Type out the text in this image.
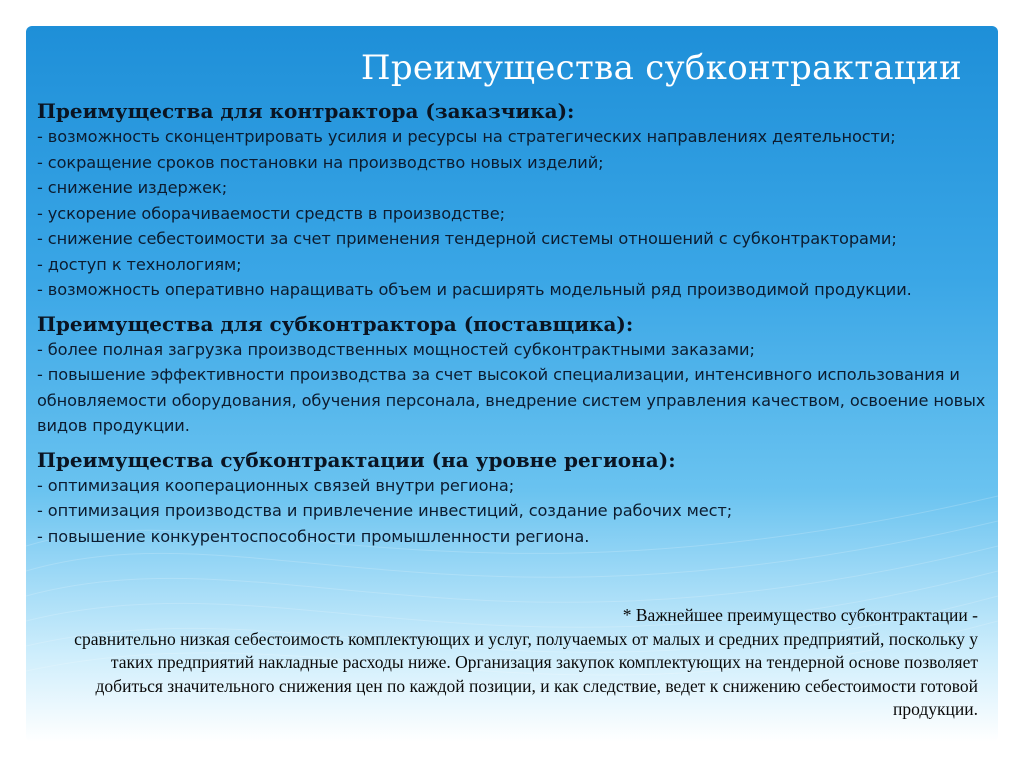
Преимущества субконтрактации
Преимущества для контрактора (заказчика):
- возможность сконцентрировать усилия и ресурсы на стратегических направлениях деятельности;
- сокращение сроков постановки на производство новых изделий;
- снижение издержек;
- ускорение оборачиваемости средств в производстве;
- снижение себестоимости за счет применения тендерной системы отношений с субконтракторами;
- доступ к технологиям;
- возможность оперативно наращивать объем и расширять модельный ряд производимой продукции.
Преимущества для субконтрактора (поставщика):
- более полная загрузка производственных мощностей субконтрактными заказами;
- повышение эффективности производства за счет высокой специализации, интенсивного использования и обновляемости оборудования, обучения персонала, внедрение систем управления качеством, освоение новых видов продукции.
Преимущества субконтрактации (на уровне региона):
- оптимизация кооперационных связей внутри региона;
- оптимизация производства и привлечение инвестиций, создание рабочих мест;
- повышение конкурентоспособности промышленности региона.

* Важнейшее преимущество субконтрактации -

сравнительно низкая себестоимость комплектующих и услуг, получаемых от малых и средних предприятий, поскольку у таких предприятий накладные расходы ниже. Организация закупок комплектующих на тендерной основе позволяет добиться значительного снижения цен по каждой позиции, и как следствие, ведет к снижению себестоимости готовой продукции.
